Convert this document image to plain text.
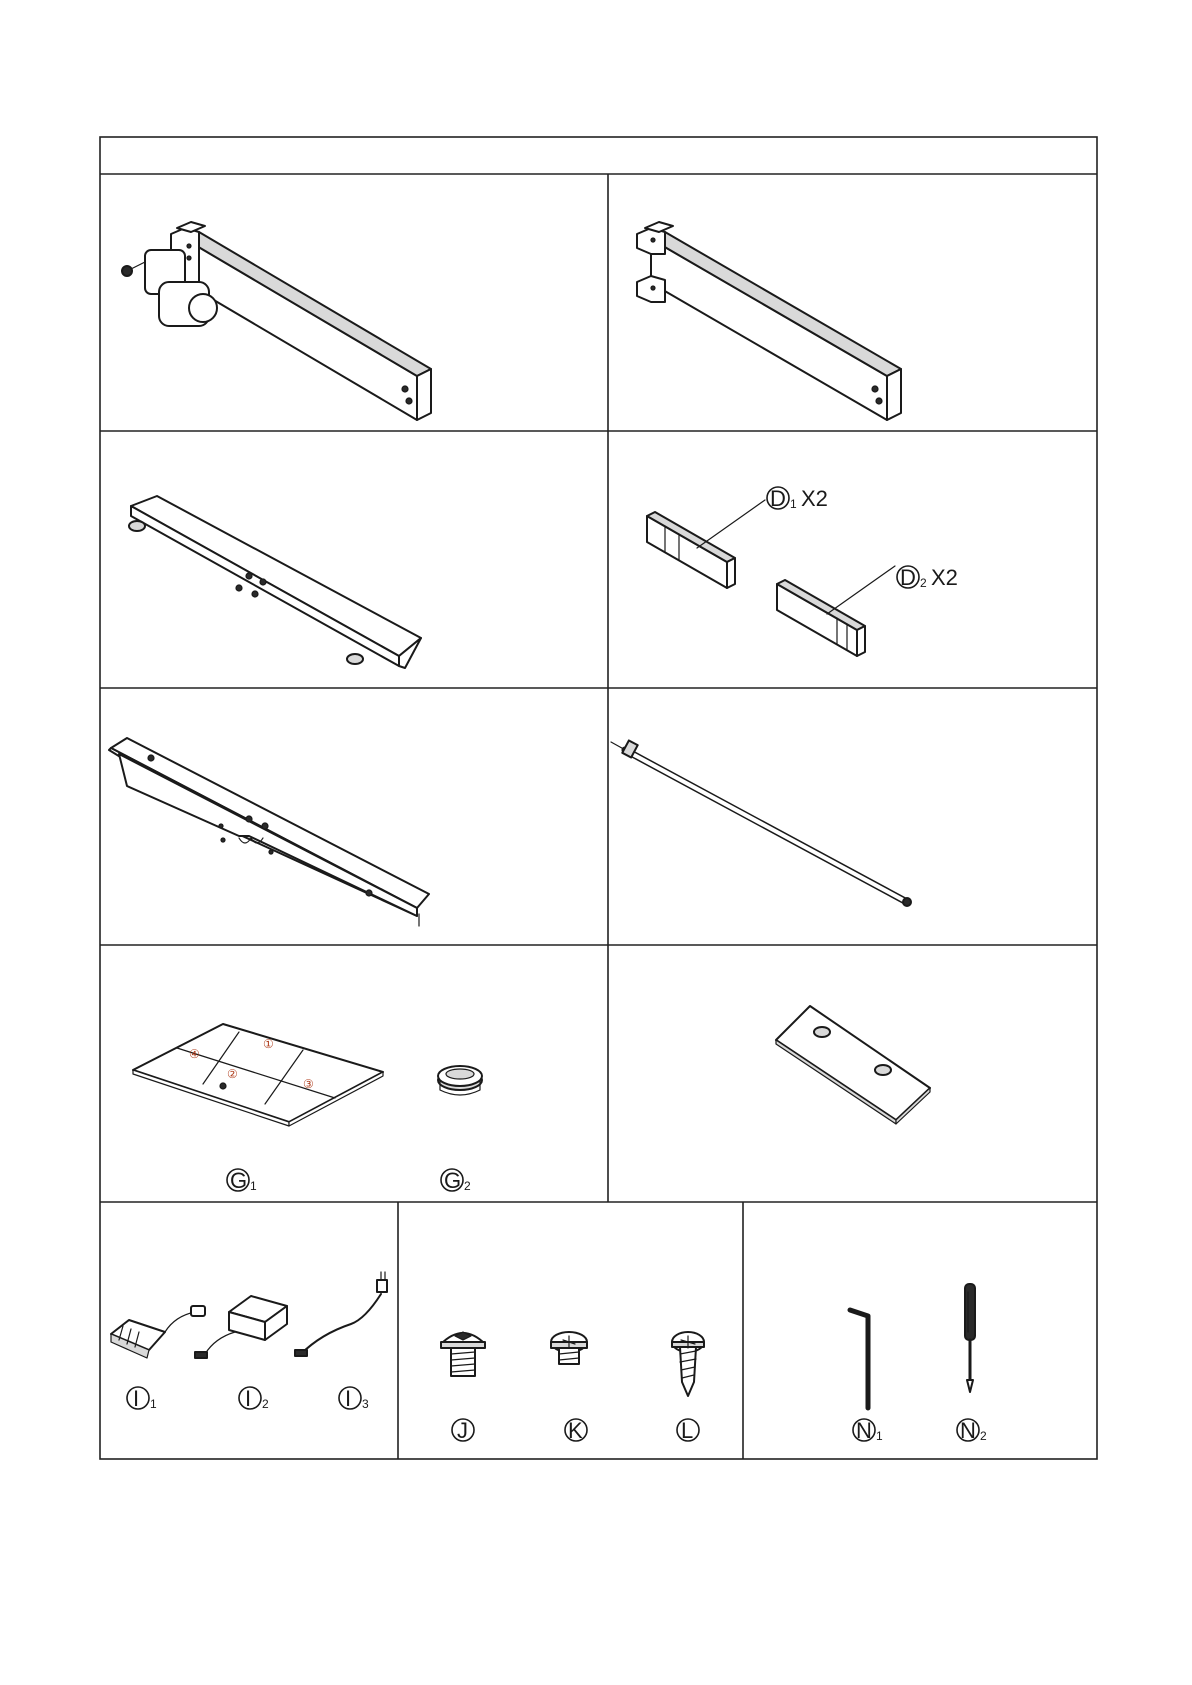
D 1 X2
D 2 X2
④
①
②
③
G 1	G 2
I 1	I 2	I 3
J	K	L	N 1	N 2
